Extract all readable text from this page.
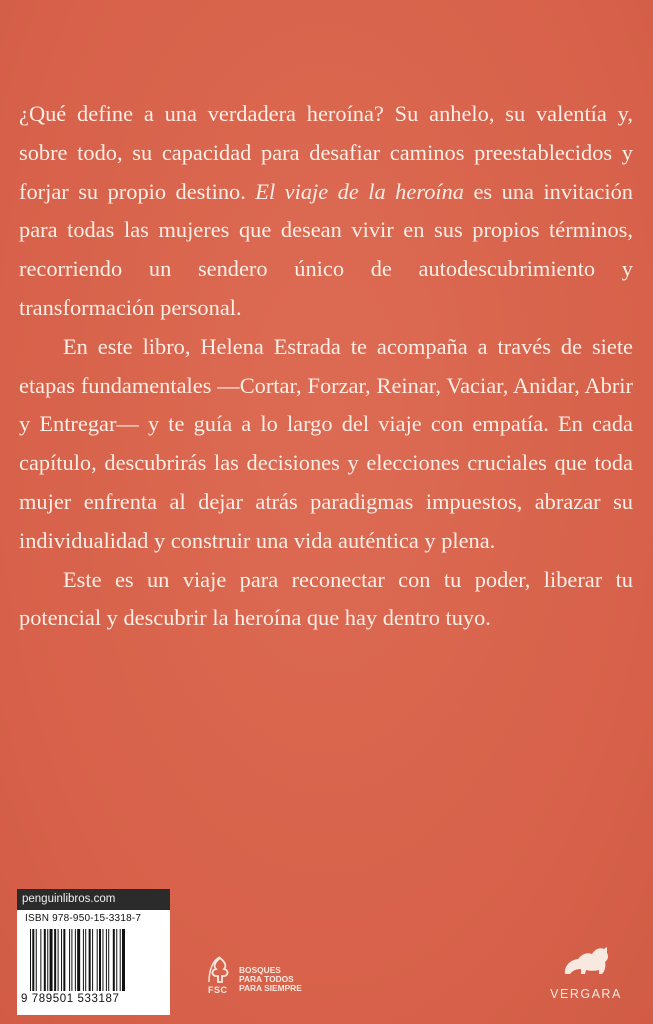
¿Qué define a una verdadera heroína? Su anhelo, su valentía y, sobre todo, su capacidad para desafiar caminos preestablecidos y forjar su propio destino. El viaje de la heroína es una invitación para todas las mujeres que desean vivir en sus propios términos, recorriendo un sendero único de autodescubrimiento y transformación personal.

En este libro, Helena Estrada te acompaña a través de siete etapas fundamentales —Cortar, Forzar, Reinar, Vaciar, Anidar, Abrir y Entregar— y te guía a lo largo del viaje con empatía. En cada capítulo, descubrirás las decisiones y elecciones cruciales que toda mujer enfrenta al dejar atrás paradigmas impuestos, abrazar su individualidad y construir una vida auténtica y plena.

Este es un viaje para reconectar con tu poder, liberar tu potencial y descubrir la heroína que hay dentro tuyo.

penguinlibros.com
ISBN 978-950-15-3318-7
9 789501 533187
FSC
BOSQUES
PARA TODOS
PARA SIEMPRE	VERGARA
